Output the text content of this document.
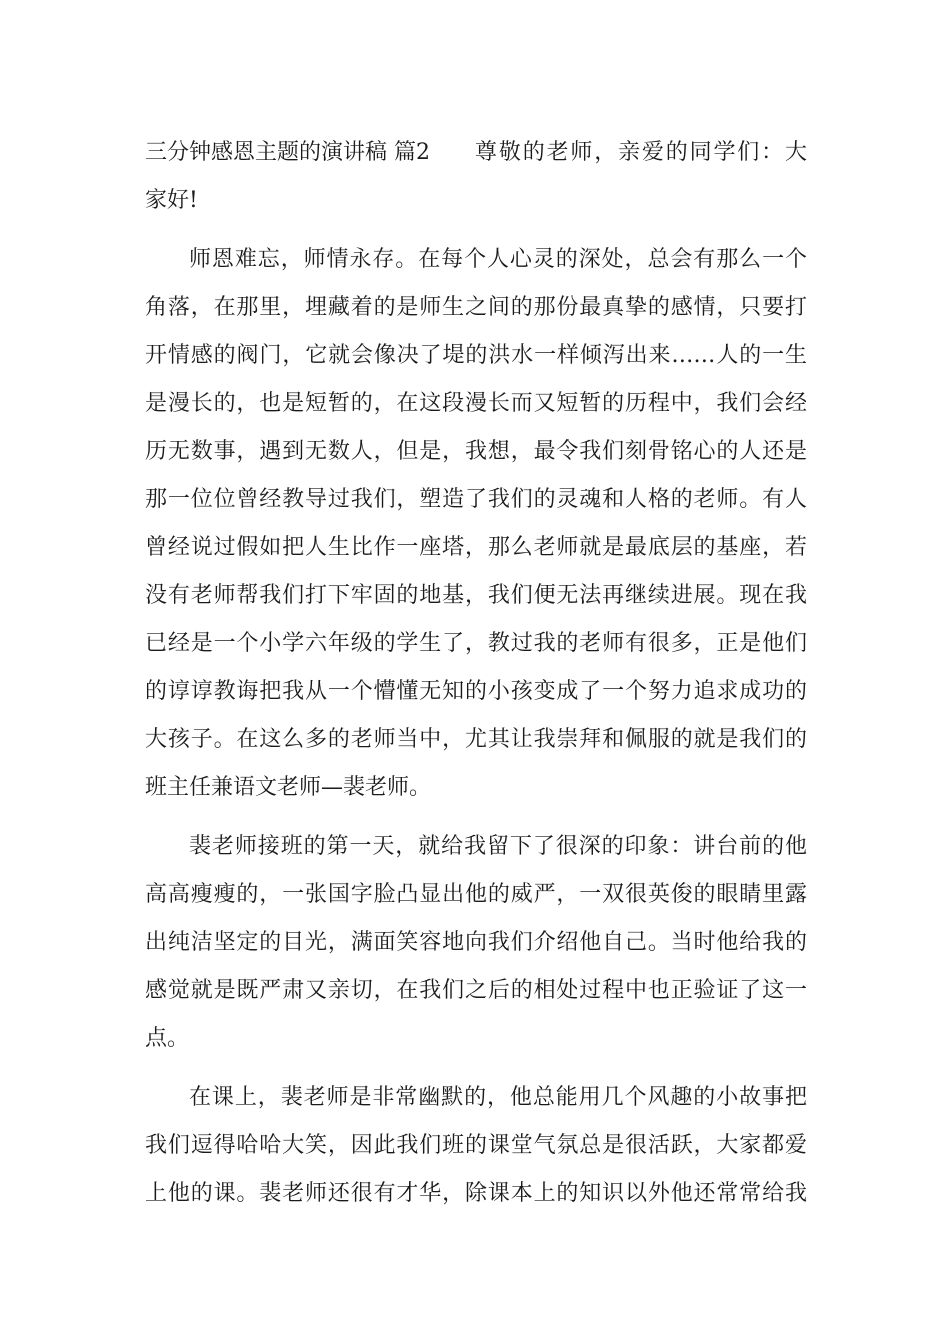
三分钟感恩主题的演讲稿 篇2 尊敬的老师，亲爱的同学们：大
家好!
师恩难忘，师情永存。在每个人心灵的深处，总会有那么一个
角落，在那里，埋藏着的是师生之间的那份最真挚的感情，只要打
开情感的阀门，它就会像决了堤的洪水一样倾泻出来……人的一生
是漫长的，也是短暂的，在这段漫长而又短暂的历程中，我们会经
历无数事，遇到无数人，但是，我想，最令我们刻骨铭心的人还是
那一位位曾经教导过我们，塑造了我们的灵魂和人格的老师。有人
曾经说过假如把人生比作一座塔，那么老师就是最底层的基座，若
没有老师帮我们打下牢固的地基，我们便无法再继续进展。现在我
已经是一个小学六年级的学生了，教过我的老师有很多，正是他们
的谆谆教诲把我从一个懵懂无知的小孩变成了一个努力追求成功的
大孩子。在这么多的老师当中，尤其让我崇拜和佩服的就是我们的
班主任兼语文老师—裴老师。
裴老师接班的第一天，就给我留下了很深的印象：讲台前的他
高高瘦瘦的，一张国字脸凸显出他的威严，一双很英俊的眼睛里露
出纯洁坚定的目光，满面笑容地向我们介绍他自己。当时他给我的
感觉就是既严肃又亲切，在我们之后的相处过程中也正验证了这一
点。
在课上，裴老师是非常幽默的，他总能用几个风趣的小故事把
我们逗得哈哈大笑，因此我们班的课堂气氛总是很活跃，大家都爱
上他的课。裴老师还很有才华，除课本上的知识以外他还常常给我
